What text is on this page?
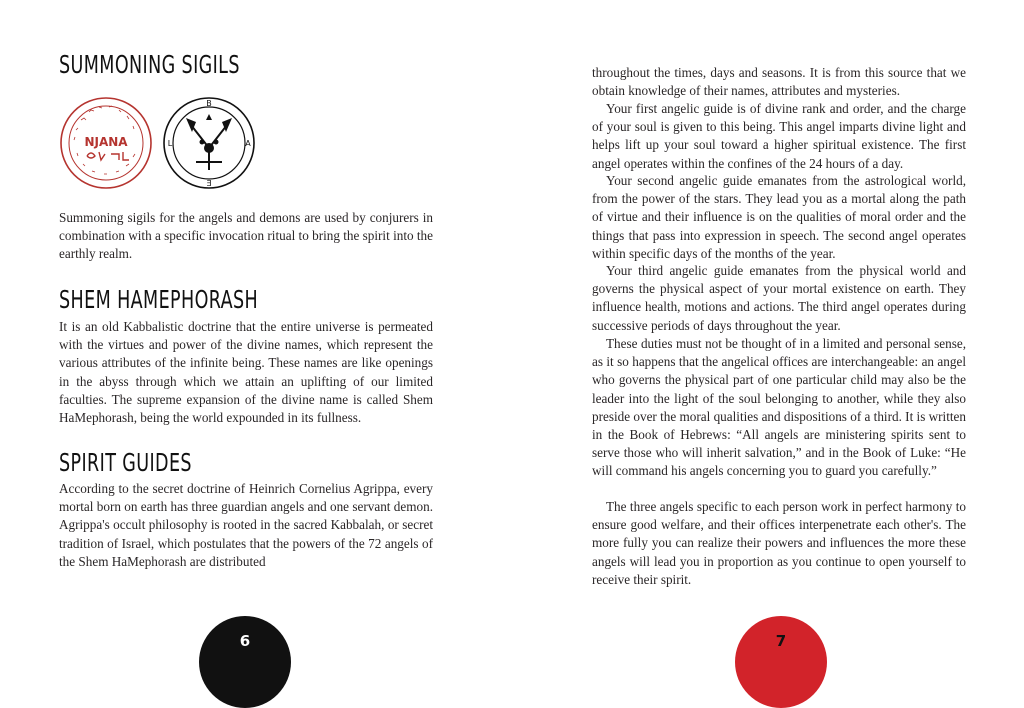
SUMMONING SIGILS
NJANA
B
L	A
Ǝ

Summoning sigils for the angels and demons are used by conjurers in combination with a specific invocation ritual to bring the spirit into the earthly realm.

SHEM HAMEPHORASH

It is an old Kabbalistic doctrine that the entire universe is permeated with the virtues and power of the divine names, which represent the various attributes of the infinite being. These names are like openings in the abyss through which we attain an uplifting of our limited faculties. The supreme expansion of the divine name is called Shem HaMephorash, being the world expounded in its fullness.

SPIRIT GUIDES

According to the secret doctrine of Heinrich Cornelius Agrippa, every mortal born on earth has three guardian angels and one servant demon. Agrippa's occult philosophy is rooted in the sacred Kabbalah, or secret tradition of Israel, which postulates that the powers of the 72 angels of the Shem HaMephorash are distributed

6

throughout the times, days and seasons. It is from this source that we obtain knowledge of their names, attributes and mysteries.

Your first angelic guide is of divine rank and order, and the charge of your soul is given to this being. This angel imparts divine light and helps lift up your soul toward a higher spiritual existence. The first angel operates within the confines of the 24 hours of a day.

Your second angelic guide emanates from the astrological world, from the power of the stars. They lead you as a mortal along the path of virtue and their influence is on the qualities of moral order and the things that pass into expression in speech. The second angel operates within specific days of the months of the year.

Your third angelic guide emanates from the physical world and governs the physical aspect of your mortal existence on earth. They influence health, motions and actions. The third angel operates during successive periods of days throughout the year.

These duties must not be thought of in a limited and personal sense, as it so happens that the angelical offices are interchangeable: an angel who governs the physical part of one particular child may also be the leader into the light of the soul belonging to another, while they also preside over the moral qualities and dispositions of a third. It is written in the Book of Hebrews: “All angels are ministering spirits sent to serve those who will inherit salvation,” and in the Book of Luke: “He will command his angels concerning you to guard you carefully.”

The three angels specific to each person work in perfect harmony to ensure good welfare, and their offices interpenetrate each other's. The more fully you can realize their powers and influences the more these angels will lead you in proportion as you continue to open yourself to receive their spirit.

7
